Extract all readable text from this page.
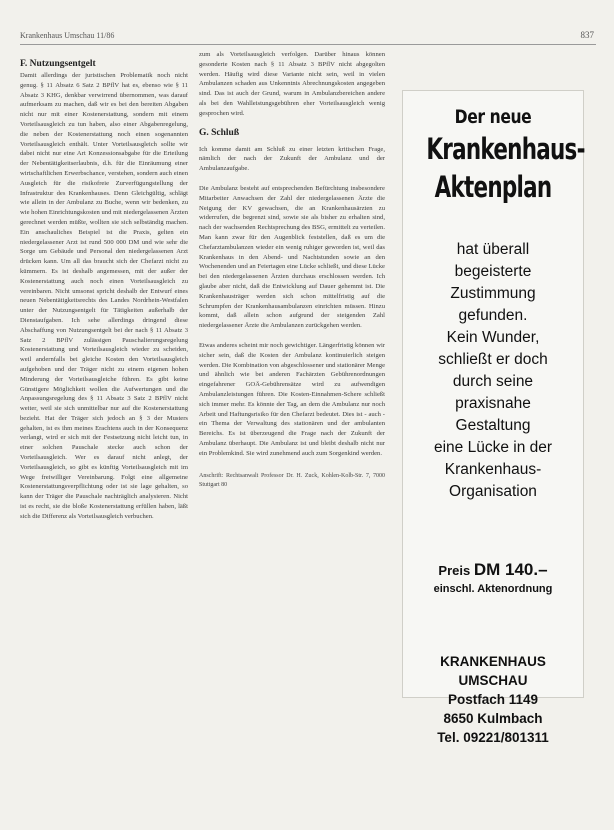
Krankenhaus Umschau 11/86	837
F. Nutzungsentgelt

Damit allerdings der juristischen Problematik noch nicht genug. § 11 Absatz 6 Satz 2 BPflV hat es, ebenso wie § 11 Absatz 3 KHG, denkbar verwirrend übernommen, was darauf aufmerksam zu machen, daß wir es bei den bereiten Abgaben nicht nur mit einer Kostenerstattung, sondern mit einem Vorteilsausgleich zu tun haben, also einer Abgabenregelung, die neben der Kostenerstattung noch einen sogenannten Vorteilsausgleich enthält. Unter Vorteilsausgleich sollte wir dabei nicht nur eine Art Konzessionsabgabe für die Erteilung der Nebentätigkeitserlaubnis, d.h. für die Einräumung einer wirtschaftlichen Erwerbschance, verstehen, sondern auch einen Ausgleich für die risikofreie Zurverfügungstellung der Infrastruktur des Krankenhauses. Denn Gleichgültig, schlägt wie allein in der Ambulanz zu Buche, wenn wir bedenken, zu wie hohen Einrichtungskosten und mit niedergelassenen Ärzten gerechnet werden müßte, wollten sie sich selbständig machen. Ein anschauliches Beispiel ist die Praxis, gelten ein niedergelassener Arzt ist rund 500 000 DM und wie sehr die Sorge um Gebäude und Personal den niedergelassenen Arzt drücken kann. Um all das braucht sich der Chefarzt nicht zu kümmern. Es ist deshalb angemessen, mit der außer der Kostenerstattung auch noch einen Vorteilsausgleich zu vereinbaren. Nicht umsonst spricht deshalb der Entwurf eines neuen Nebentätigkeitsrechts des Landes Nordrhein-Westfalen unter der Nutzungsentgelt für Tätigkeiten außerhalb der Dienstaufgaben. Ich sehe allerdings dringend diese Abschaffung von Nutzungsentgelt bei der nach § 11 Absatz 3 Satz 2 BPflV zulässigen Pauschalierungsregelung Kostenerstattung und Vorteilsausgleich wieder zu scheiden, weil andernfalls bei gleiche Kosten den Vorteilsausgleich aufgehoben und der Träger nicht zu einem eigenen hohen Minderung der Vorteilsausgleiche führen. Es gibt keine Günstigere Möglichkeit wollen die Aufwertungen und die Anpassungsregelung des § 11 Absatz 3 Satz 2 BPflV nicht weiter, weil sie sich unmittelbar nur auf die Kostenerstattung bezieht. Hat der Träger sich jedoch an § 3 der Musters gehalten, ist es ihm meines Erachtens auch in der Konsequenz verlangt, wird er sich mit der Festsetzung nicht leicht tun, in einer solchen Pauschale stecke auch schon der Vorteilsausgleich. Wer es darauf nicht anlegt, der Vorteilsausgleich, so gibt es künftig Vorteilsausgleich mit im Wege freiwilliger Vereinbarung. Folgt eine allgemeine Kostenerstattungsverpflichtung oder ist sie lage gehalten, so kann der Träger die Pauschale nachträglich analysieren. Nicht ist es recht, sie die bloße Kostenerstattung erfüllen haben, läßt sich die Differenz als Vorteilsausgleich verbuchen.

zum als Vorteilsausgleich verfolgen. Darüber hinaus können gesonderte Kosten nach § 11 Absatz 3 BPflV nicht abgegolten werden. Häufig wird diese Variante nicht sein, weil in vielen Ambulanzen schaden aus Unkenntnis Abrechnungskosten angegeben sind. Das ist auch der Grund, warum in Ambulanzbereichen andere als bei den Wahlleistungsgebühren eher Vorteilsausgleich wenig gesprochen wird.

G. Schluß

Ich komme damit am Schluß zu einer letzten kritischen Frage, nämlich der nach der Zukunft der Ambulanz und der Ambulanzaufgabe.

Die Ambulanz besteht auf entsprechenden Befürchtung insbesondere Mitarbeiter Anwachsen der Zahl der niedergelassenen Ärzte die Neigung der KV gewachsen, die an Krankenhausärzten zu widerrufen, die begrenzt sind, sowie sie als bisher zu erhalten sind, nach der wachsenden Rechtsprechung des BSG, ermittelt zu verteilen. Man kann zwar für den Augenblick feststellen, daß es um die Chefarztambulanzen wieder ein wenig ruhiger geworden ist, weil das Krankenhaus in den Abend- und Nachtstunden sowie an den Wochenenden und an Feiertagen eine Lücke schließt, und diese Lücke bei den niedergelassenen Ärzten durchaus erschlossen werden. Ich glaube aber nicht, daß die Entwicklung auf Dauer gehemmt ist. Die Krankenhausträger werden sich schon mittelfristig auf die Schrumpfen der Krankenhausambulanzen einrichten müssen. Hinzu kommt, daß allein schon aufgrund der steigenden Zahl niedergelassener Ärzte die Ambulanzen zurückgehen werden.

Etwas anderes scheint mir noch gewichtiger. Längerfristig können wir sicher sein, daß die Kosten der Ambulanz kontinuierlich steigen werden. Die Kombination von abgeschlossener und stationärer Menge und ähnlich wie bei anderen Fachärzten Gebührenordnungen eingefahrener GOÄ-Gebührensätze wird zu aufwendigen Ambulanzleistungen führen. Die Kosten-Einnahmen-Schere schließt sich immer mehr. Es könnte der Tag, an dem die Ambulanz nur noch Arbeit und Haftungsrisiko für den Chefarzt bedeutet. Dies ist - auch - ein Thema der Verwaltung des stationären und der ambulanten Bereichs. Es ist überzeugend die Frage nach der Zukunft der Ambulanz überhaupt. Die Ambulanz ist und bleibt deshalb nicht nur ein Problemkind. Sie wird zunehmend auch zum Sorgenkind werden.

Anschrift: Rechtsanwalt Professor Dr. H. Zuck, Kohlen-Kolb-Str. 7, 7000 Stuttgart 80
Der neue
Krankenhaus-
Aktenplan
hat überall
begeisterte
Zustimmung
gefunden.
Kein Wunder,
schließt er doch
durch seine
praxisnahe
Gestaltung
eine Lücke in der
Krankenhaus-
Organisation
Preis DM 140.–
einschl. Aktenordnung
KRANKENHAUS
UMSCHAU
Postfach 1149
8650 Kulmbach
Tel. 09221/801311
